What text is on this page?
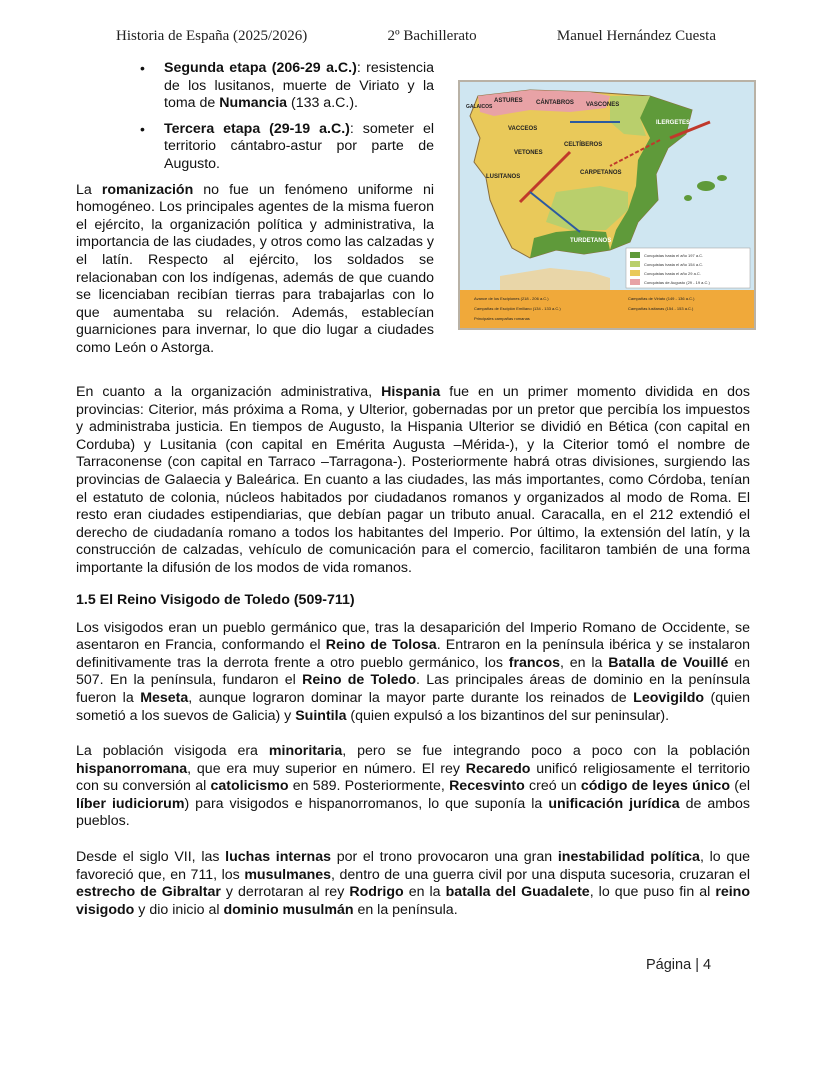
Historia de España (2025/2026)	2º Bachillerato	Manuel Hernández Cuesta
• Segunda etapa (206-29 a.C.): resistencia de los lusitanos, muerte de Viriato y la toma de Numancia (133 a.C.).
• Tercera etapa (29-19 a.C.): someter el territorio cántabro-astur por parte de Augusto.

La romanización no fue un fenómeno uniforme ni homogéneo. Los principales agentes de la misma fueron el ejército, la organización política y administrativa, la importancia de las ciudades, y otros como las calzadas y el latín. Respecto al ejército, los soldados se relacionaban con los indígenas, además de que cuando se licenciaban recibían tierras para trabajarlas con lo que aumentaba su relación. Además, establecían guarniciones para invernar, lo que dio lugar a ciudades como León o Astorga.

ASTURES CÁNTABROS VASCONES
GALAICOS
VACCEOS
CELTÍBEROS
ILERGETES
VETONES
LUSITANOS
CARPETANOS
TURDETANOS
Conquistas hasta el año 197 a.C.
Conquistas hasta el año 154 a.C.
Conquistas hasta el año 29 a.C.
Conquistas de Augusto (29 - 19 a.C.)
Avance de los Escipiones (218 - 206 a.C.)	Campañas de Viriato (149 - 136 a.C.)
Campañas de Escipión Emiliano (134 - 133 a.C.)	Campañas lusitanas (154 - 153 a.C.)
Principales campañas romanas

En cuanto a la organización administrativa, Hispania fue en un primer momento dividida en dos provincias: Citerior, más próxima a Roma, y Ulterior, gobernadas por un pretor que percibía los impuestos y administraba justicia. En tiempos de Augusto, la Hispania Ulterior se dividió en Bética (con capital en Corduba) y Lusitania (con capital en Emérita Augusta –Mérida-), y la Citerior tomó el nombre de Tarraconense (con capital en Tarraco –Tarragona-). Posteriormente habrá otras divisiones, surgiendo las provincias de Galaecia y Baleárica. En cuanto a las ciudades, las más importantes, como Córdoba, tenían el estatuto de colonia, núcleos habitados por ciudadanos romanos y organizados al modo de Roma. El resto eran ciudades estipendiarias, que debían pagar un tributo anual. Caracalla, en el 212 extendió el derecho de ciudadanía romano a todos los habitantes del Imperio. Por último, la extensión del latín, y la construcción de calzadas, vehículo de comunicación para el comercio, facilitaron también de una forma importante la difusión de los modos de vida romanos.

1.5 El Reino Visigodo de Toledo (509-711)

Los visigodos eran un pueblo germánico que, tras la desaparición del Imperio Romano de Occidente, se asentaron en Francia, conformando el Reino de Tolosa. Entraron en la península ibérica y se instalaron definitivamente tras la derrota frente a otro pueblo germánico, los francos, en la Batalla de Vouillé en 507. En la península, fundaron el Reino de Toledo. Las principales áreas de dominio en la península fueron la Meseta, aunque lograron dominar la mayor parte durante los reinados de Leovigildo (quien sometió a los suevos de Galicia) y Suintila (quien expulsó a los bizantinos del sur peninsular).

La población visigoda era minoritaria, pero se fue integrando poco a poco con la población hispanorromana, que era muy superior en número. El rey Recaredo unificó religiosamente el territorio con su conversión al catolicismo en 589. Posteriormente, Recesvinto creó un código de leyes único (el líber iudiciorum) para visigodos e hispanorromanos, lo que suponía la unificación jurídica de ambos pueblos.

Desde el siglo VII, las luchas internas por el trono provocaron una gran inestabilidad política, lo que favoreció que, en 711, los musulmanes, dentro de una guerra civil por una disputa sucesoria, cruzaran el estrecho de Gibraltar y derrotaran al rey Rodrigo en la batalla del Guadalete, lo que puso fin al reino visigodo y dio inicio al dominio musulmán en la península.

Página | 4
